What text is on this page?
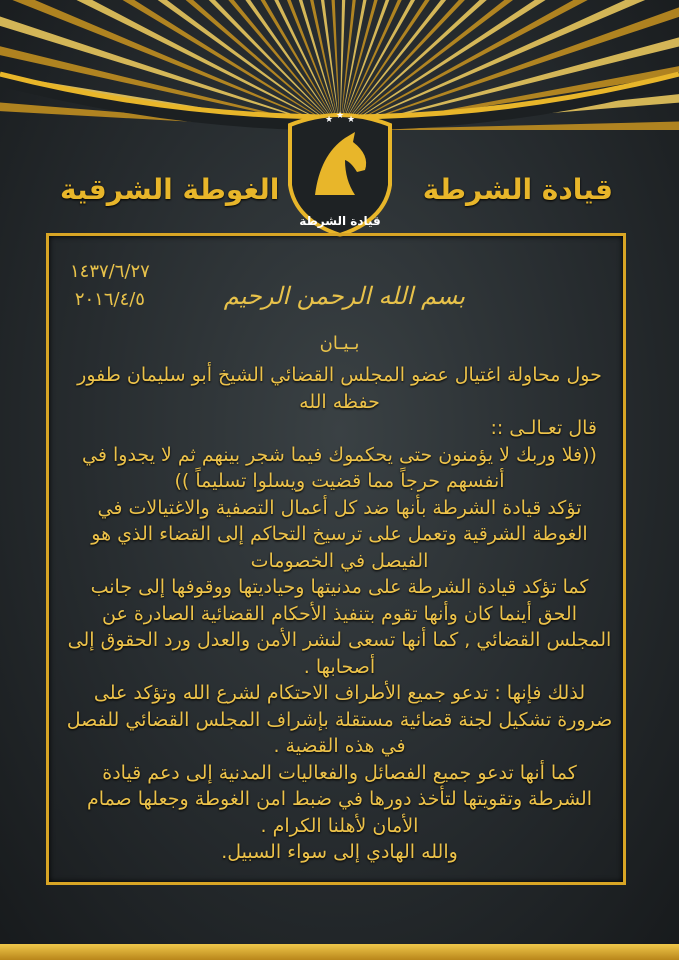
★ ★ ★
قيادة الشرطة
قيادة الشرطة
الغوطة الشرقية
١٤٣٧/٦/٢٧
٢٠١٦/٤/٥	بسم الله الرحمن الرحيم
بـيـان
حول محاولة اغتيال عضو المجلس القضائي الشيخ أبو سليمان طفور
حفظه الله
قال تعـالـى ::
((فلا وربك لا يؤمنون حتى يحكموك فيما شجر بينهم ثم لا يجدوا في
أنفسهم حرجاً مما قضيت ويسلوا تسليماً ))
تؤكد قيادة الشرطة بأنها ضد كل أعمال التصفية والاغتيالات في
الغوطة الشرقية وتعمل على ترسيخ التحاكم إلى القضاء الذي هو
الفيصل في الخصومات
كما تؤكد قيادة الشرطة على مدنيتها وحياديتها ووقوفها إلى جانب
الحق أينما كان وأنها تقوم بتنفيذ الأحكام القضائية الصادرة عن
المجلس القضائي , كما أنها تسعى لنشر الأمن والعدل ورد الحقوق إلى
أصحابها .
لذلك فإنها : تدعو جميع الأطراف الاحتكام لشرع الله وتؤكد على
ضرورة تشكيل لجنة قضائية مستقلة بإشراف المجلس القضائي للفصل
في هذه القضية .
كما أنها تدعو جميع الفصائل والفعاليات المدنية إلى دعم قيادة
الشرطة وتقويتها لتأخذ دورها في ضبط امن الغوطة وجعلها صمام
الأمان لأهلنا الكرام .
والله الهادي إلى سواء السبيل.
